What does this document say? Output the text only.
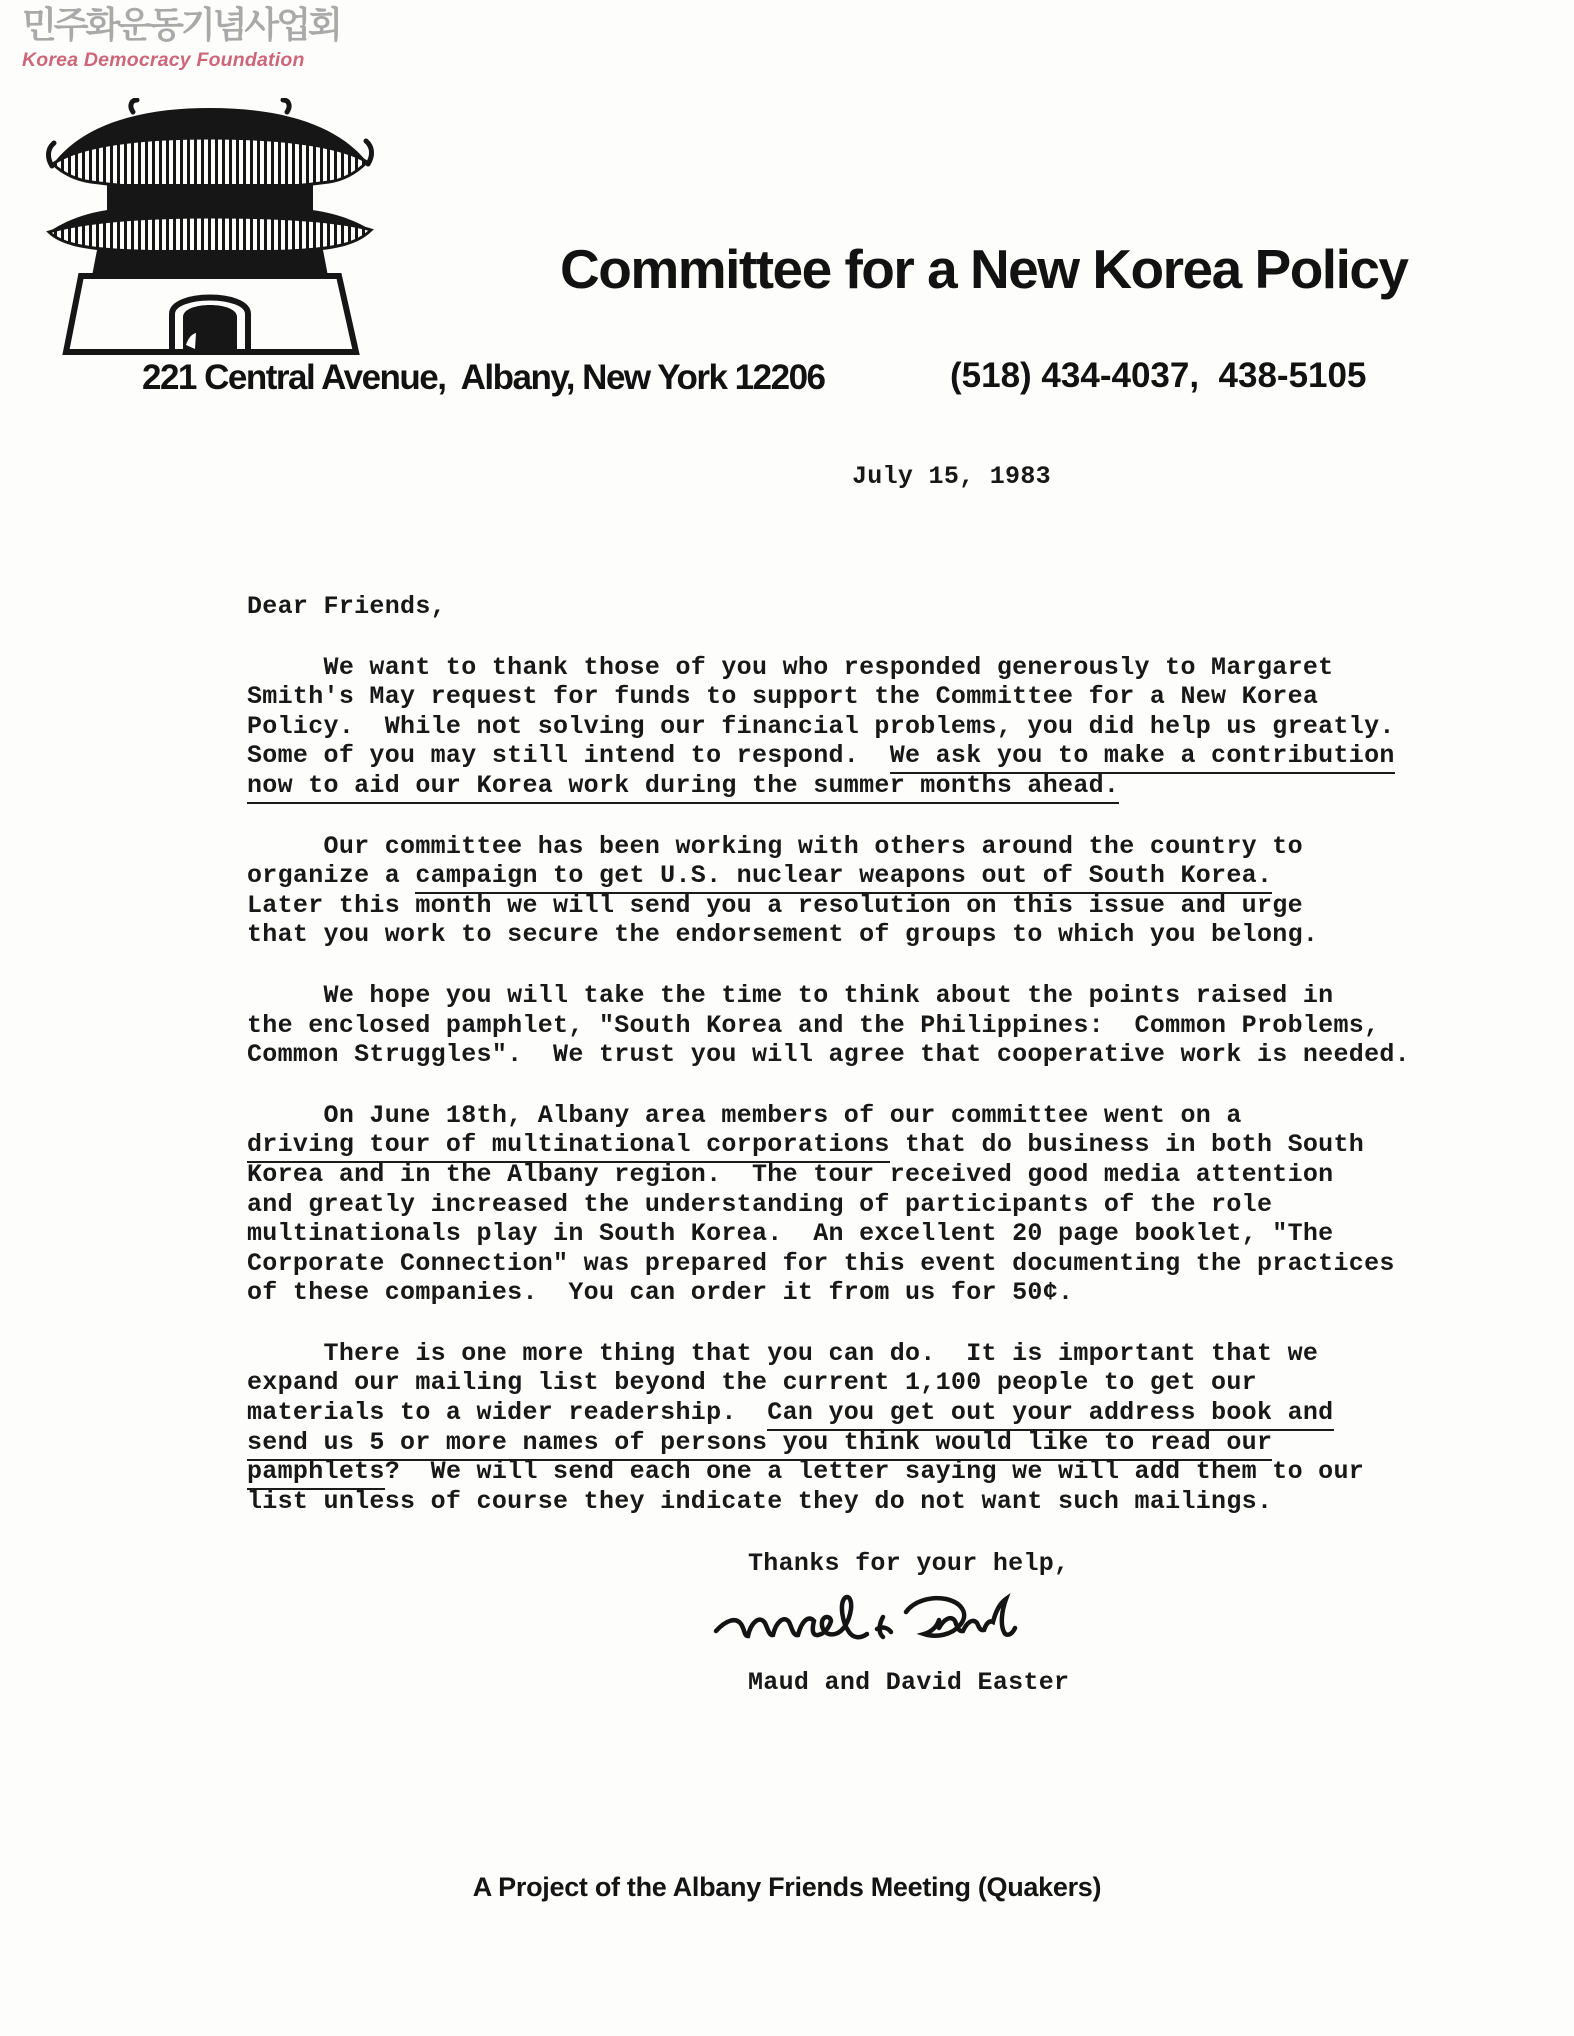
민주화운동기념사업회
Korea Democracy Foundation
Committee for a New Korea Policy
221 Central Avenue,  Albany, New York 12206	(518) 434-4037,  438-5105
July 15, 1983
Dear Friends,
We want to thank those of you who responded generously to Margaret
Smith's May request for funds to support the Committee for a New Korea
Policy.  While not solving our financial problems, you did help us greatly.
Some of you may still intend to respond.  We ask you to make a contribution
now to aid our Korea work during the summer months ahead.
Our committee has been working with others around the country to
organize a campaign to get U.S. nuclear weapons out of South Korea.
Later this month we will send you a resolution on this issue and urge
that you work to secure the endorsement of groups to which you belong.
We hope you will take the time to think about the points raised in
the enclosed pamphlet, "South Korea and the Philippines:  Common Problems,
Common Struggles".  We trust you will agree that cooperative work is needed.
On June 18th, Albany area members of our committee went on a
driving tour of multinational corporations that do business in both South
Korea and in the Albany region.  The tour received good media attention
and greatly increased the understanding of participants of the role
multinationals play in South Korea.  An excellent 20 page booklet, "The
Corporate Connection" was prepared for this event documenting the practices
of these companies.  You can order it from us for 50¢.
There is one more thing that you can do.  It is important that we
expand our mailing list beyond the current 1,100 people to get our
materials to a wider readership.  Can you get out your address book and
send us 5 or more names of persons you think would like to read our
pamphlets?  We will send each one a letter saying we will add them to our
list unless of course they indicate they do not want such mailings.
Thanks for your help,
Maud and David Easter
A Project of the Albany Friends Meeting (Quakers)
